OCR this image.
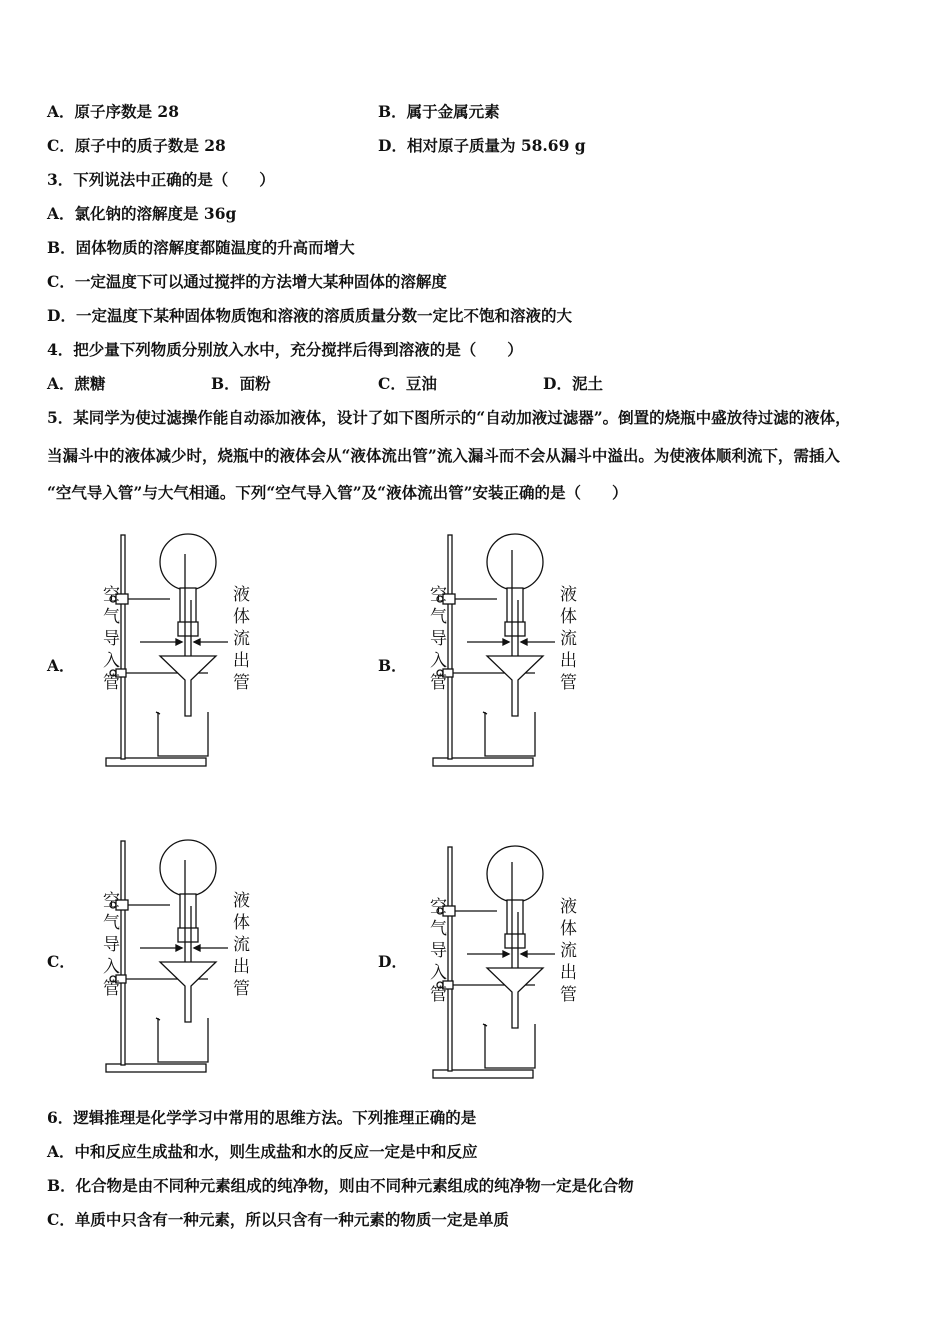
A．原子序数是 28	B．属于金属元素
C．原子中的质子数是 28	D．相对原子质量为 58.69 g
3．下列说法中正确的是（　　）
A．氯化钠的溶解度是 36g
B．固体物质的溶解度都随温度的升高而增大
C．一定温度下可以通过搅拌的方法增大某种固体的溶解度
D．一定温度下某种固体物质饱和溶液的溶质质量分数一定比不饱和溶液的大
4．把少量下列物质分别放入水中，充分搅拌后得到溶液的是（　　）
A．蔗糖	B．面粉	C．豆油	D．泥土
5．某同学为使过滤操作能自动添加液体，设计了如下图所示的“自动加液过滤器”。倒置的烧瓶中盛放待过滤的液体，
当漏斗中的液体减少时，烧瓶中的液体会从“液体流出管”流入漏斗而不会从漏斗中溢出。为使液体顺利流下，需插入
“空气导入管”与大气相通。下列“空气导入管”及“液体流出管”安装正确的是（　　）
A．	B．
C．	D．
空
气
导
入
管
液
体
流
出
管
空
气
导
入
管
液
体
流
出
管
空
气
导
入
管
液
体
流
出
管
空
气
导
入
管
液
体
流
出
管
6．逻辑推理是化学学习中常用的思维方法。下列推理正确的是
A．中和反应生成盐和水，则生成盐和水的反应一定是中和反应
B．化合物是由不同种元素组成的纯净物，则由不同种元素组成的纯净物一定是化合物
C．单质中只含有一种元素，所以只含有一种元素的物质一定是单质
